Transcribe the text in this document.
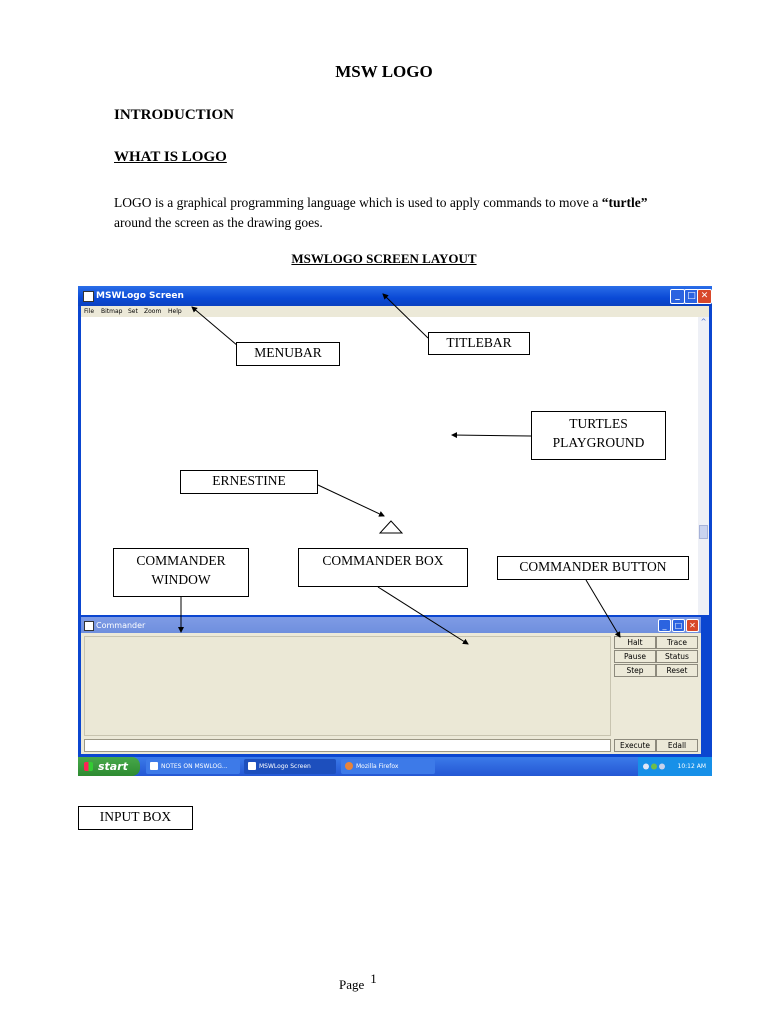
MSW LOGO
INTRODUCTION
WHAT IS LOGO
LOGO is a graphical programming language which is used to apply commands to move a “turtle” around the screen as the drawing goes.
MSWLOGO SCREEN LAYOUT
MSWLogo Screen	_ □ ✕
File Bitmap Set Zoom Help
^
Commander	_	□ ✕
Halt	Trace
Pause	Status
Step	Reset
Execute	Edall
start	NOTES ON MSWLOG...	MSWLogo Screen	Mozilla Firefox	10:12 AM
MENUBAR
TITLEBAR
TURTLES
PLAYGROUND
ERNESTINE
COMMANDER
WINDOW
COMMANDER BOX	COMMANDER BUTTON
INPUT BOX
Page 1
